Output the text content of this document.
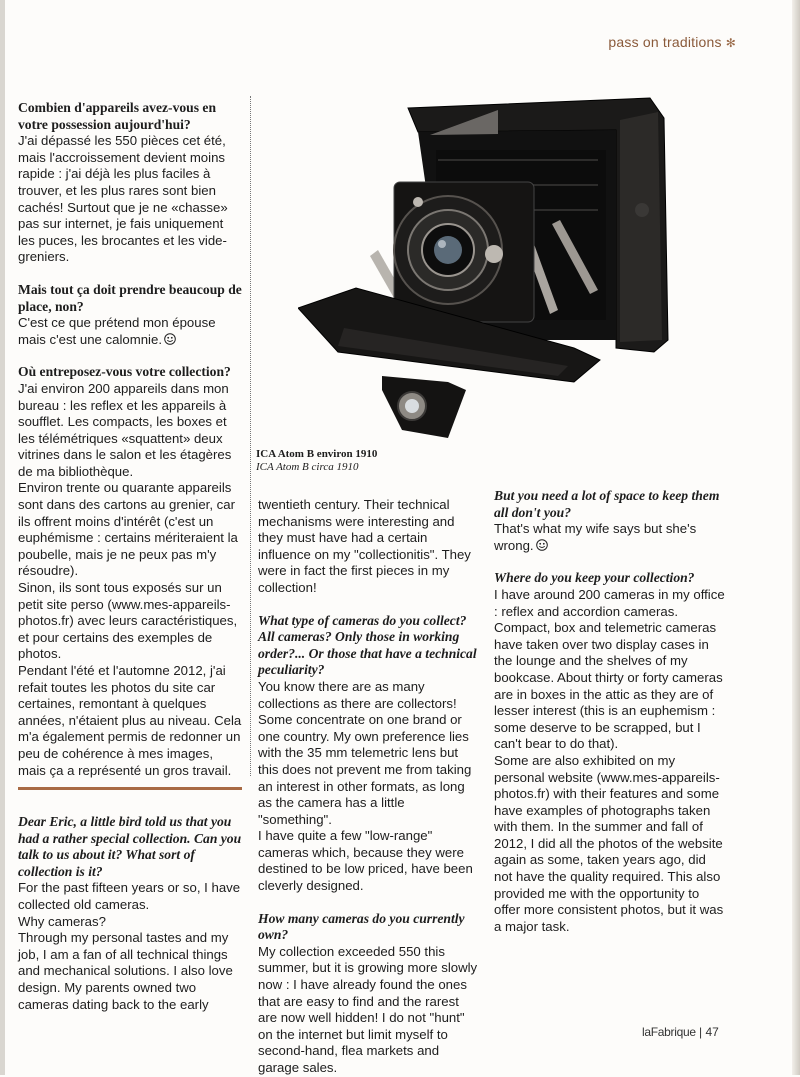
pass on traditions ✻

Combien d'appareils avez-vous en votre possession aujourd'hui?

J'ai dépassé les 550 pièces cet été, mais l'accroissement devient moins rapide : j'ai déjà les plus faciles à trouver, et les plus rares sont bien cachés! Surtout que je ne «chasse» pas sur internet, je fais uniquement les puces, les brocantes et les vide-greniers.

Mais tout ça doit prendre beaucoup de place, non?

C'est ce que prétend mon épouse mais c'est une calomnie.

Où entreposez-vous votre collection?

J'ai environ 200 appareils dans mon bureau : les reflex et les appareils à soufflet. Les compacts, les boxes et les télémétriques «squattent» deux vitrines dans le salon et les étagères de ma bibliothèque.

Environ trente ou quarante appareils sont dans des cartons au grenier, car ils offrent moins d'intérêt (c'est un euphémisme : certains mériteraient la poubelle, mais je ne peux pas m'y résoudre).

Sinon, ils sont tous exposés sur un petit site perso (www.mes-appareils-photos.fr) avec leurs caractéristiques, et pour certains des exemples de photos.

Pendant l'été et l'automne 2012, j'ai refait toutes les photos du site car certaines, remontant à quelques années, n'étaient plus au niveau. Cela m'a également permis de redonner un peu de cohérence à mes images, mais ça a représenté un gros travail.

Dear Eric, a little bird told us that you had a rather special collection. Can you talk to us about it? What sort of collection is it?

For the past fifteen years or so, I have collected old cameras.

Why cameras?

Through my personal tastes and my job, I am a fan of all technical things and mechanical solutions. I also love design. My parents owned two cameras dating back to the early

ICA Atom B environ 1910
ICA Atom B circa 1910

twentieth century. Their technical mechanisms were interesting and they must have had a certain influence on my "collectionitis". They were in fact the first pieces in my collection!

What type of cameras do you collect? All cameras? Only those in working order?... Or those that have a technical peculiarity?

You know there are as many collections as there are collectors! Some concentrate on one brand or one country. My own preference lies with the 35 mm telemetric lens but this does not prevent me from taking an interest in other formats, as long as the camera has a little "something".

I have quite a few "low-range" cameras which, because they were destined to be low priced, have been cleverly designed.

How many cameras do you currently own?

My collection exceeded 550 this summer, but it is growing more slowly now : I have already found the ones that are easy to find and the rarest are now well hidden! I do not "hunt" on the internet but limit myself to second-hand, flea markets and garage sales.

But you need a lot of space to keep them all don't you?

That's what my wife says but she's wrong.

Where do you keep your collection?

I have around 200 cameras in my office : reflex and accordion cameras. Compact, box and telemetric cameras have taken over two display cases in the lounge and the shelves of my bookcase. About thirty or forty cameras are in boxes in the attic as they are of lesser interest (this is an euphemism : some deserve to be scrapped, but I can't bear to do that).

Some are also exhibited on my personal website (www.mes-appareils-photos.fr) with their features and some have examples of photographs taken with them. In the summer and fall of 2012, I did all the photos of the website again as some, taken years ago, did not have the quality required. This also provided me with the opportunity to offer more consistent photos, but it was a major task.

laFabrique | 47
